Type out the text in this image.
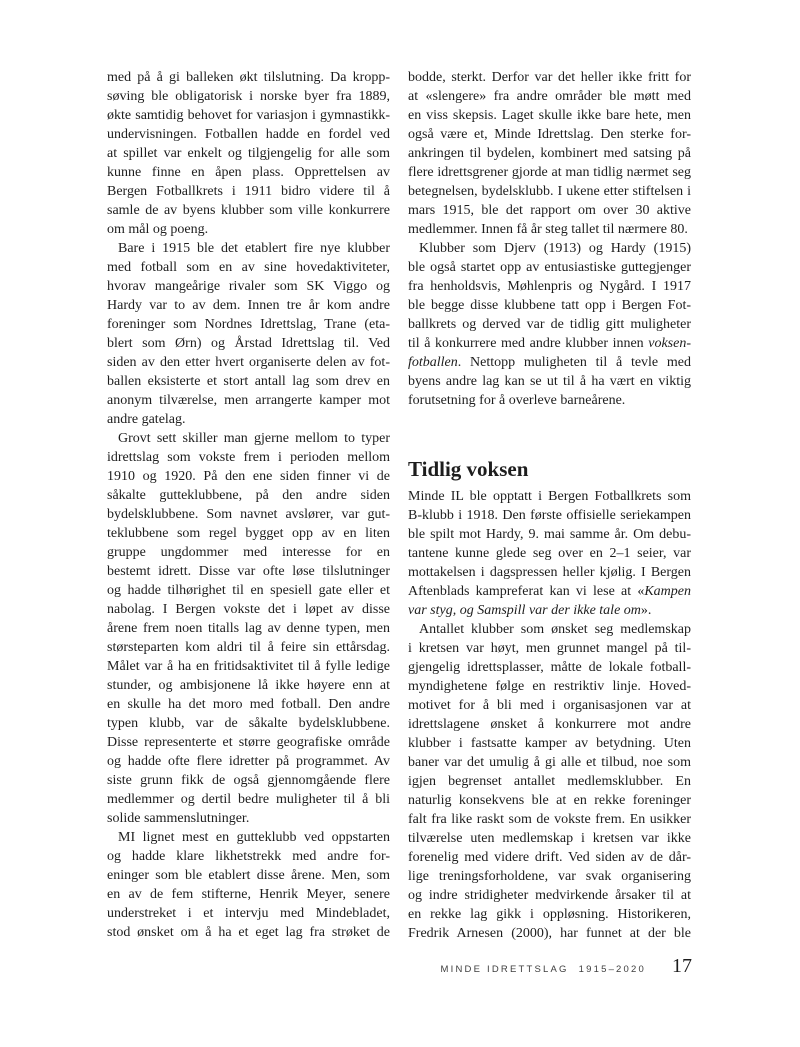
med på å gi balleken økt tilslutning. Da kropp-
søving ble obligatorisk i norske byer fra 1889,
økte samtidig behovet for variasjon i gymnastikk-
undervisningen. Fotballen hadde en fordel ved
at spillet var enkelt og tilgjengelig for alle som
kunne finne en åpen plass. Opprettelsen av
Bergen Fotballkrets i 1911 bidro videre til å
samle de av byens klubber som ville konkurrere
om mål og poeng.
Bare i 1915 ble det etablert fire nye klubber
med fotball som en av sine hovedaktiviteter,
hvorav mangeårige rivaler som SK Viggo og
Hardy var to av dem. Innen tre år kom andre
foreninger som Nordnes Idrettslag, Trane (eta-
blert som Ørn) og Årstad Idrettslag til. Ved
siden av den etter hvert organiserte delen av fot-
ballen eksisterte et stort antall lag som drev en
anonym tilværelse, men arrangerte kamper mot
andre gatelag.
Grovt sett skiller man gjerne mellom to typer
idrettslag som vokste frem i perioden mellom
1910 og 1920. På den ene siden finner vi de
såkalte gutteklubbene, på den andre siden
bydelsklubbene. Som navnet avslører, var gut-
teklubbene som regel bygget opp av en liten
gruppe ungdommer med interesse for en
bestemt idrett. Disse var ofte løse tilslutninger
og hadde tilhørighet til en spesiell gate eller et
nabolag. I Bergen vokste det i løpet av disse
årene frem noen titalls lag av denne typen, men
størsteparten kom aldri til å feire sin ettårsdag.
Målet var å ha en fritidsaktivitet til å fylle ledige
stunder, og ambisjonene lå ikke høyere enn at
en skulle ha det moro med fotball. Den andre
typen klubb, var de såkalte bydelsklubbene.
Disse representerte et større geografiske område
og hadde ofte flere idretter på programmet. Av
siste grunn fikk de også gjennomgående flere
medlemmer og dertil bedre muligheter til å bli
solide sammenslutninger.
MI lignet mest en gutteklubb ved oppstarten
og hadde klare likhetstrekk med andre for-
eninger som ble etablert disse årene. Men, som
en av de fem stifterne, Henrik Meyer, senere
understreket i et intervju med Mindebladet,
stod ønsket om å ha et eget lag fra strøket de
bodde, sterkt. Derfor var det heller ikke fritt for
at «slengere» fra andre områder ble møtt med
en viss skepsis. Laget skulle ikke bare hete, men
også være et, Minde Idrettslag. Den sterke for-
ankringen til bydelen, kombinert med satsing på
flere idrettsgrener gjorde at man tidlig nærmet seg
betegnelsen, bydelsklubb. I ukene etter stiftelsen i
mars 1915, ble det rapport om over 30 aktive
medlemmer. Innen få år steg tallet til nærmere 80.
Klubber som Djerv (1913) og Hardy (1915)
ble også startet opp av entusiastiske guttegjenger
fra henholdsvis, Møhlenpris og Nygård. I 1917
ble begge disse klubbene tatt opp i Bergen Fot-
ballkrets og derved var de tidlig gitt muligheter
til å konkurrere med andre klubber innen voksen-
fotballen. Nettopp muligheten til å tevle med
byens andre lag kan se ut til å ha vært en viktig
forutsetning for å overleve barneårene.
Tidlig voksen
Minde IL ble opptatt i Bergen Fotballkrets som
B-klubb i 1918. Den første offisielle seriekampen
ble spilt mot Hardy, 9. mai samme år. Om debu-
tantene kunne glede seg over en 2–1 seier, var
mottakelsen i dagspressen heller kjølig. I Bergen
Aftenblads kampreferat kan vi lese at «Kampen
var styg, og Samspill var der ikke tale om».
Antallet klubber som ønsket seg medlemskap
i kretsen var høyt, men grunnet mangel på til-
gjengelig idrettsplasser, måtte de lokale fotball-
myndighetene følge en restriktiv linje. Hoved-
motivet for å bli med i organisasjonen var at
idrettslagene ønsket å konkurrere mot andre
klubber i fastsatte kamper av betydning. Uten
baner var det umulig å gi alle et tilbud, noe som
igjen begrenset antallet medlemsklubber. En
naturlig konsekvens ble at en rekke foreninger
falt fra like raskt som de vokste frem. En usikker
tilværelse uten medlemskap i kretsen var ikke
forenelig med videre drift. Ved siden av de dår-
lige treningsforholdene, var svak organisering
og indre stridigheter medvirkende årsaker til at
en rekke lag gikk i oppløsning. Historikeren,
Fredrik Arnesen (2000), har funnet at der ble
MINDE IDRETTSLAG 1915–2020 17
